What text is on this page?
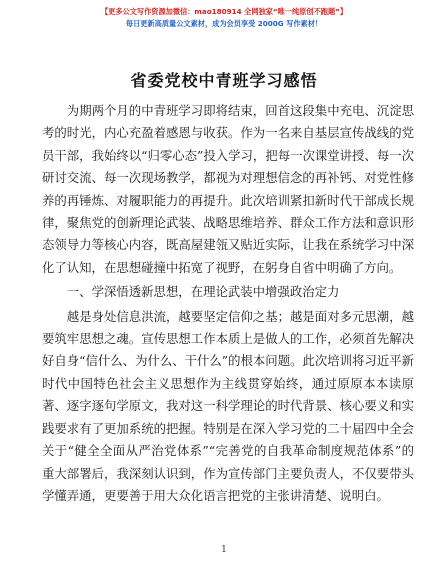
【更多公文写作资源加微信：mao180914 全网独家“唯一纯原创不跑题”】
每日更新高质量公文素材，成为会员享受 2000G 写作素材！
省委党校中青班学习感悟

为期两个月的中青班学习即将结束，回首这段集中充电、沉淀思考的时光，内心充盈着感恩与收获。作为一名来自基层宣传战线的党员干部，我始终以“归零心态”投入学习，把每一次课堂讲授、每一次研讨交流、每一次现场教学，都视为对理想信念的再补钙、对党性修养的再锤炼、对履职能力的再提升。此次培训紧扣新时代干部成长规律，聚焦党的创新理论武装、战略思维培养、群众工作方法和意识形态领导力等核心内容，既高屋建瓴又贴近实际，让我在系统学习中深化了认知，在思想碰撞中拓宽了视野，在躬身自省中明确了方向。

一、学深悟透新思想，在理论武装中增强政治定力

越是身处信息洪流，越要坚定信仰之基；越是面对多元思潮，越要筑牢思想之魂。宣传思想工作本质上是做人的工作，必须首先解决好自身“信什么、为什么、干什么”的根本问题。此次培训将习近平新时代中国特色社会主义思想作为主线贯穿始终，通过原原本本读原著、逐字逐句学原文，我对这一科学理论的时代背景、核心要义和实践要求有了更加系统的把握。特别是在深入学习党的二十届四中全会关于“健全全面从严治党体系”“完善党的自我革命制度规范体系”的重大部署后，我深刻认识到，作为宣传部门主要负责人，不仅要带头学懂弄通，更要善于用大众化语言把党的主张讲清楚、说明白。

1
